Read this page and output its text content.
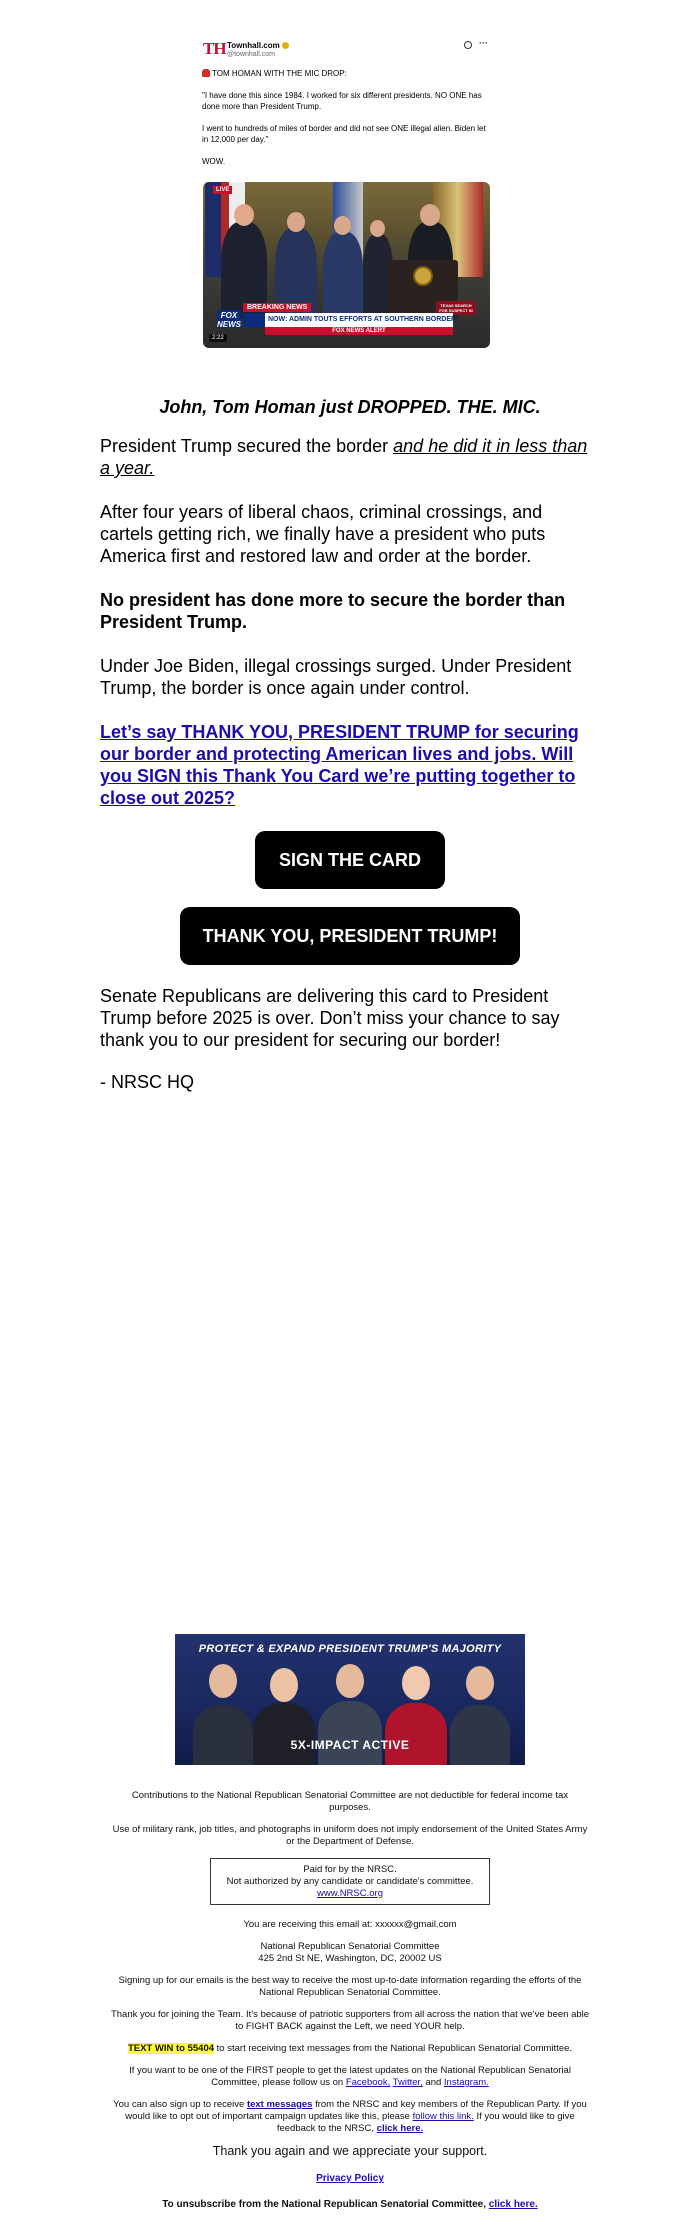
TH Townhall.com
@townhall.com
···

TOM HOMAN WITH THE MIC DROP:

"I have done this since 1984. I worked for six different presidents. NO ONE has done more than President Trump.

I went to hundreds of miles of border and did not see ONE illegal alien. Biden let in 12,000 per day."

WOW.

LIVE
BREAKING NEWS	TEXAS SEARCH FOR SUSPECT IN
FOX NEWS
NOW: ADMIN TOUTS EFFORTS AT SOUTHERN BORDER
FOX NEWS ALERT
2:22
John, Tom Homan just DROPPED. THE. MIC.

President Trump secured the border and he did it in less than a year.

After four years of liberal chaos, criminal crossings, and cartels getting rich, we finally have a president who puts America first and restored law and order at the border.

No president has done more to secure the border than President Trump.

Under Joe Biden, illegal crossings surged. Under President Trump, the border is once again under control.

Let’s say THANK YOU, PRESIDENT TRUMP for securing our border and protecting American lives and jobs. Will you SIGN this Thank You Card we’re putting together to close out 2025?
SIGN THE CARD
THANK YOU, PRESIDENT TRUMP!

Senate Republicans are delivering this card to President Trump before 2025 is over. Don’t miss your chance to say thank you to our president for securing our border!

- NRSC HQ

PROTECT & EXPAND PRESIDENT TRUMP'S MAJORITY
5X-IMPACT ACTIVE

Contributions to the National Republican Senatorial Committee are not deductible for federal income tax purposes.

Use of military rank, job titles, and photographs in uniform does not imply endorsement of the United States Army or the Department of Defense.

Paid for by the NRSC.
Not authorized by any candidate or candidate's committee.
www.NRSC.org

You are receiving this email at: xxxxxx@gmail.com

National Republican Senatorial Committee
425 2nd St NE, Washington, DC, 20002 US

Signing up for our emails is the best way to receive the most up-to-date information regarding the efforts of the National Republican Senatorial Committee.

Thank you for joining the Team. It’s because of patriotic supporters from all across the nation that we’ve been able to FIGHT BACK against the Left, we need YOUR help.

TEXT WIN to 55404 to start receiving text messages from the National Republican Senatorial Committee.

If you want to be one of the FIRST people to get the latest updates on the National Republican Senatorial Committee, please follow us on Facebook, Twitter, and Instagram.

You can also sign up to receive text messages from the NRSC and key members of the Republican Party. If you would like to opt out of important campaign updates like this, please follow this link. If you would like to give feedback to the NRSC, click here.

Thank you again and we appreciate your support.

Privacy Policy

To unsubscribe from the National Republican Senatorial Committee, click here.
